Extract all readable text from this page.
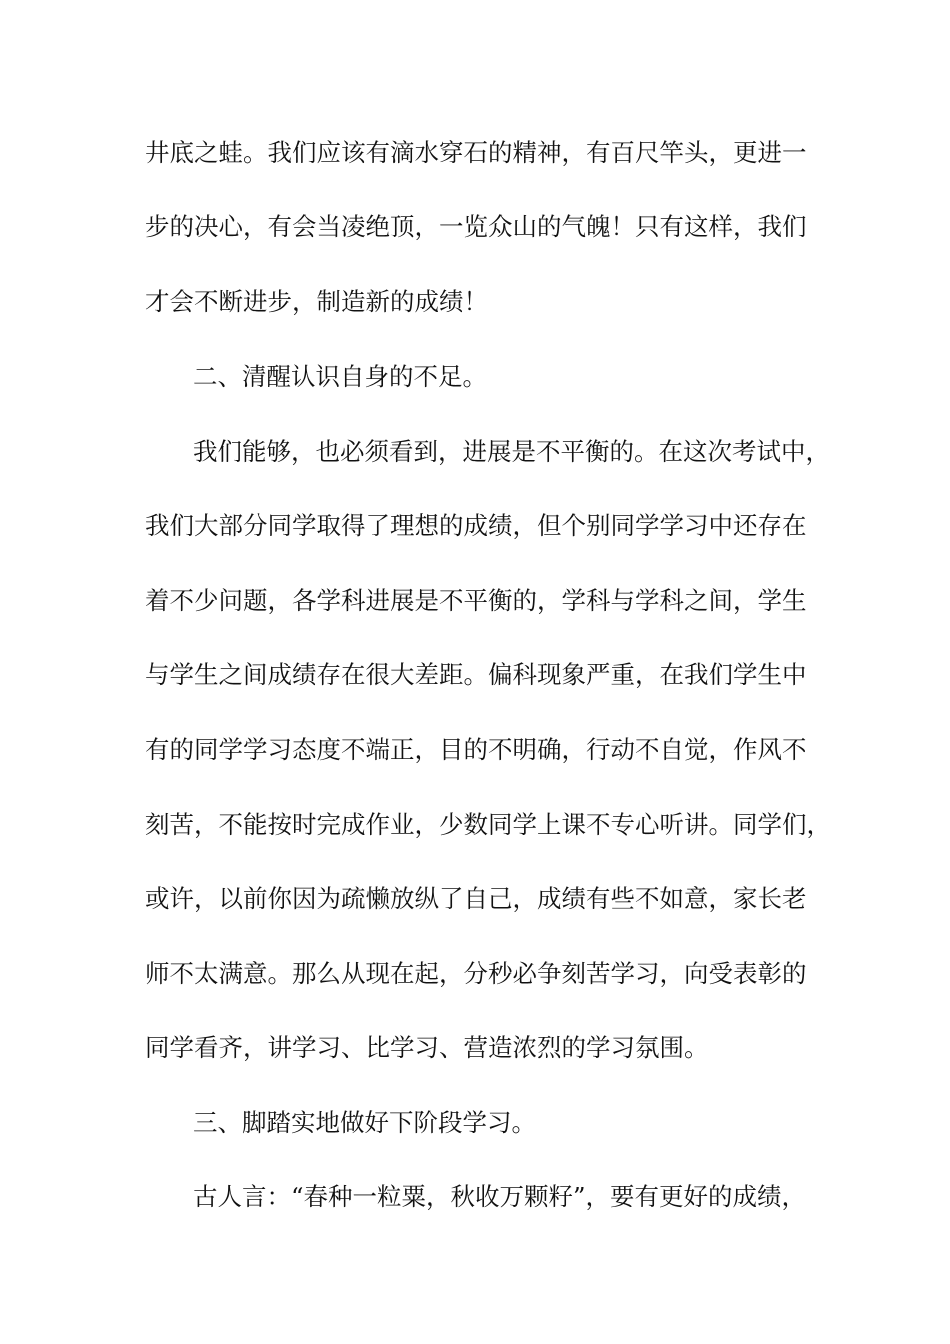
井底之蛙。我们应该有滴水穿石的精神，有百尺竿头，更进一
步的决心，有会当凌绝顶，一览众山的气魄！只有这样，我们
才会不断进步，制造新的成绩！
二、清醒认识自身的不足。
我们能够，也必须看到，进展是不平衡的。在这次考试中，
我们大部分同学取得了理想的成绩，但个别同学学习中还存在
着不少问题，各学科进展是不平衡的，学科与学科之间，学生
与学生之间成绩存在很大差距。偏科现象严重，在我们学生中
有的同学学习态度不端正，目的不明确，行动不自觉，作风不
刻苦，不能按时完成作业，少数同学上课不专心听讲。同学们，
或许，以前你因为疏懒放纵了自己，成绩有些不如意，家长老
师不太满意。那么从现在起，分秒必争刻苦学习，向受表彰的
同学看齐，讲学习、比学习、营造浓烈的学习氛围。
三、脚踏实地做好下阶段学习。
古人言：“春种一粒粟，秋收万颗籽”，要有更好的成绩，
